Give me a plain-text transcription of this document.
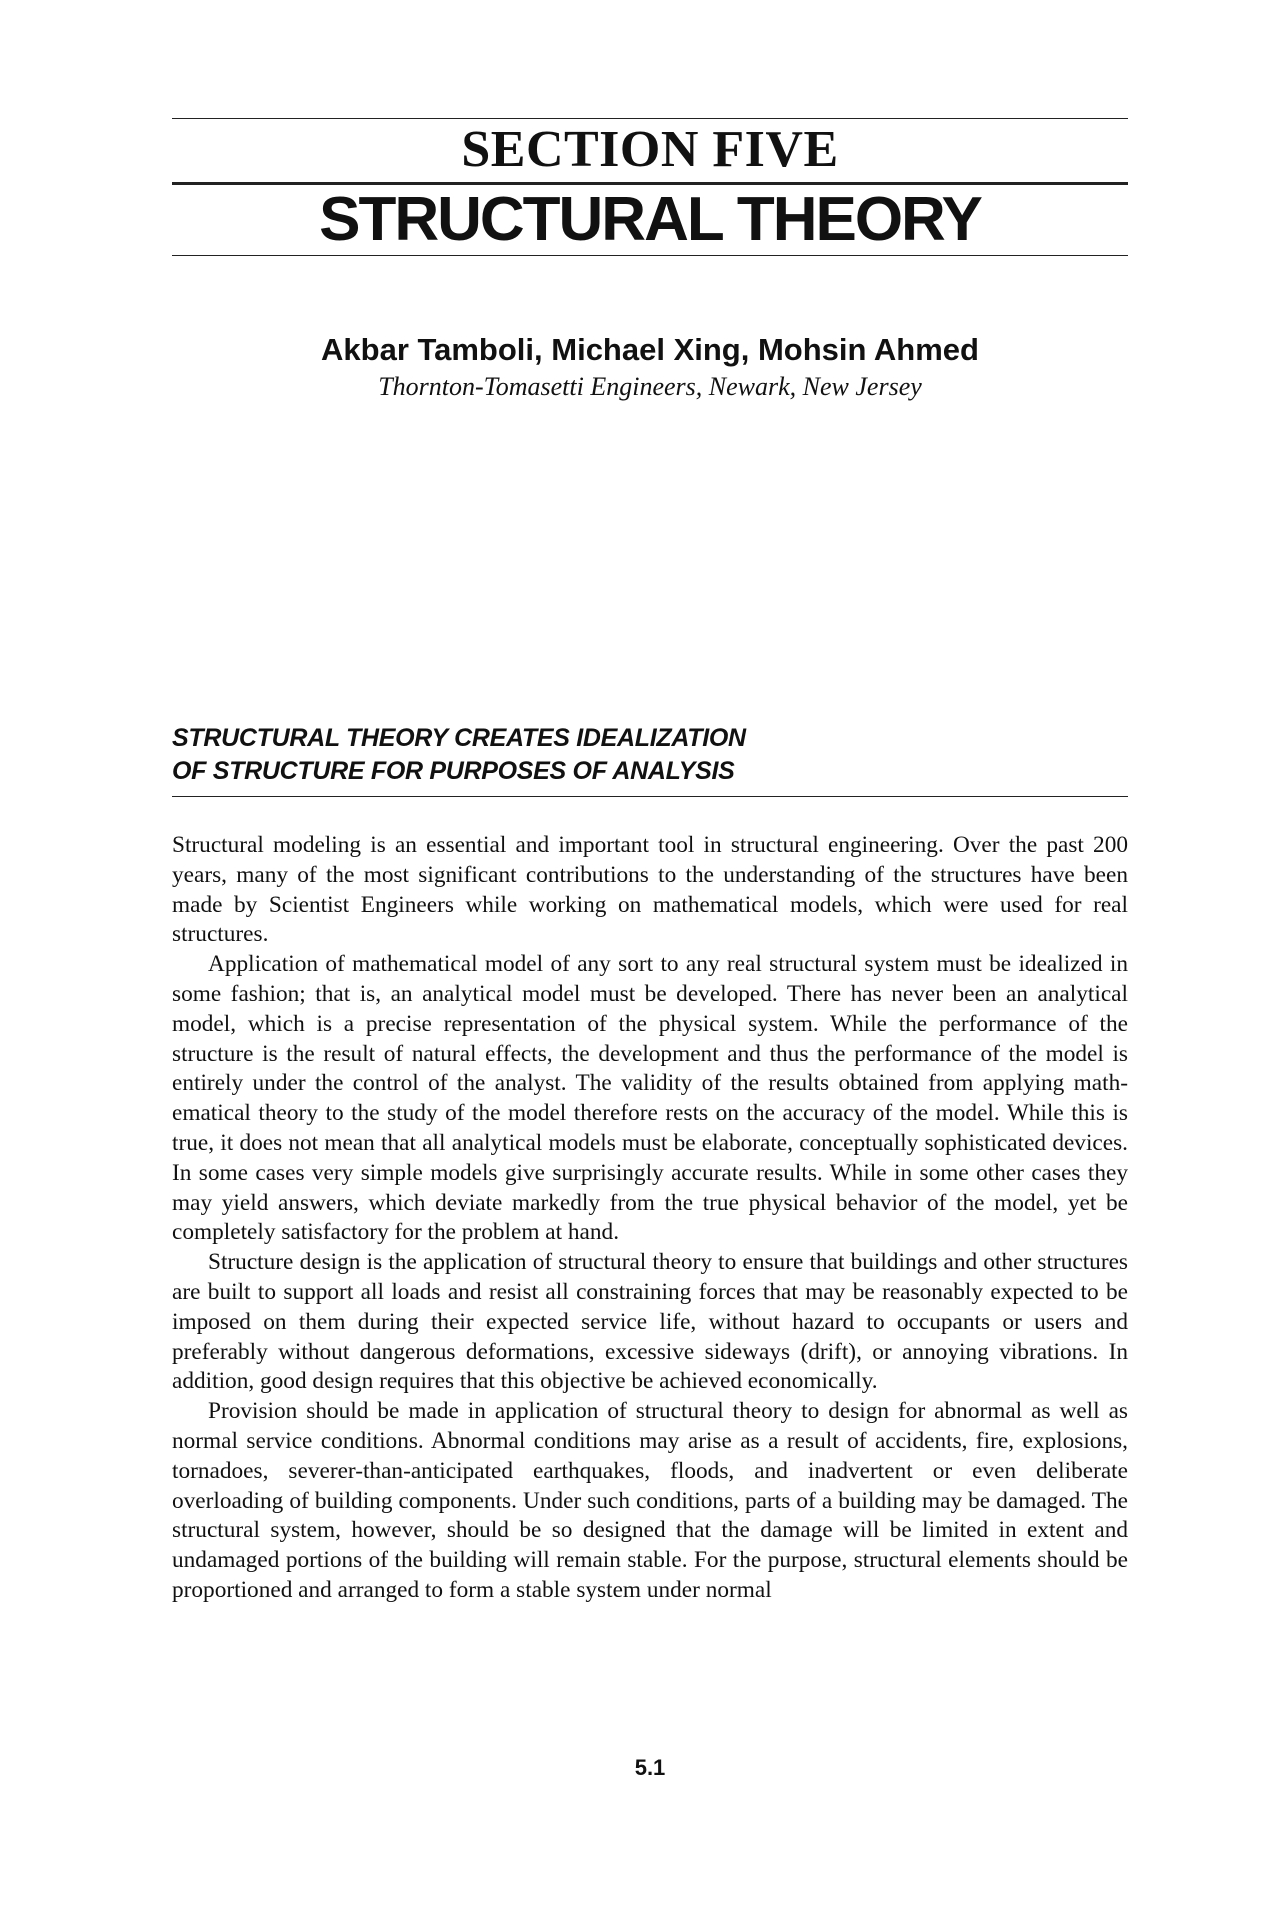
SECTION FIVE
STRUCTURAL THEORY
Akbar Tamboli, Michael Xing, Mohsin Ahmed
Thornton-Tomasetti Engineers, Newark, New Jersey
STRUCTURAL THEORY CREATES IDEALIZATION
OF STRUCTURE FOR PURPOSES OF ANALYSIS

Structural modeling is an essential and important tool in structural engineering. Over the past 200 years, many of the most significant contributions to the understanding of the structures have been made by Scientist Engineers while working on mathematical models, which were used for real structures.

Application of mathematical model of any sort to any real structural system must be idealized in some fashion; that is, an analytical model must be developed. There has never been an analytical model, which is a precise representation of the physical system. While the performance of the structure is the result of natural effects, the development and thus the performance of the model is entirely under the control of the analyst. The validity of the results obtained from applying mathematical theory to the study of the model therefore rests on the accuracy of the model. While this is true, it does not mean that all analytical models must be elaborate, conceptually sophisticated devices. In some cases very simple models give surprisingly accurate results. While in some other cases they may yield answers, which deviate markedly from the true physical behavior of the model, yet be completely satisfactory for the problem at hand.

Structure design is the application of structural theory to ensure that buildings and other structures are built to support all loads and resist all constraining forces that may be reasonably expected to be imposed on them during their expected service life, without hazard to occupants or users and preferably without dangerous deformations, excessive sideways (drift), or annoying vibrations. In addition, good design requires that this objective be achieved economically.

Provision should be made in application of structural theory to design for abnormal as well as normal service conditions. Abnormal conditions may arise as a result of accidents, fire, explosions, tornadoes, severer-than-anticipated earthquakes, floods, and inadvertent or even deliberate overloading of building components. Under such conditions, parts of a building may be damaged. The structural system, however, should be so designed that the damage will be limited in extent and undamaged portions of the building will remain stable. For the purpose, structural elements should be proportioned and arranged to form a stable system under normal

5.1
